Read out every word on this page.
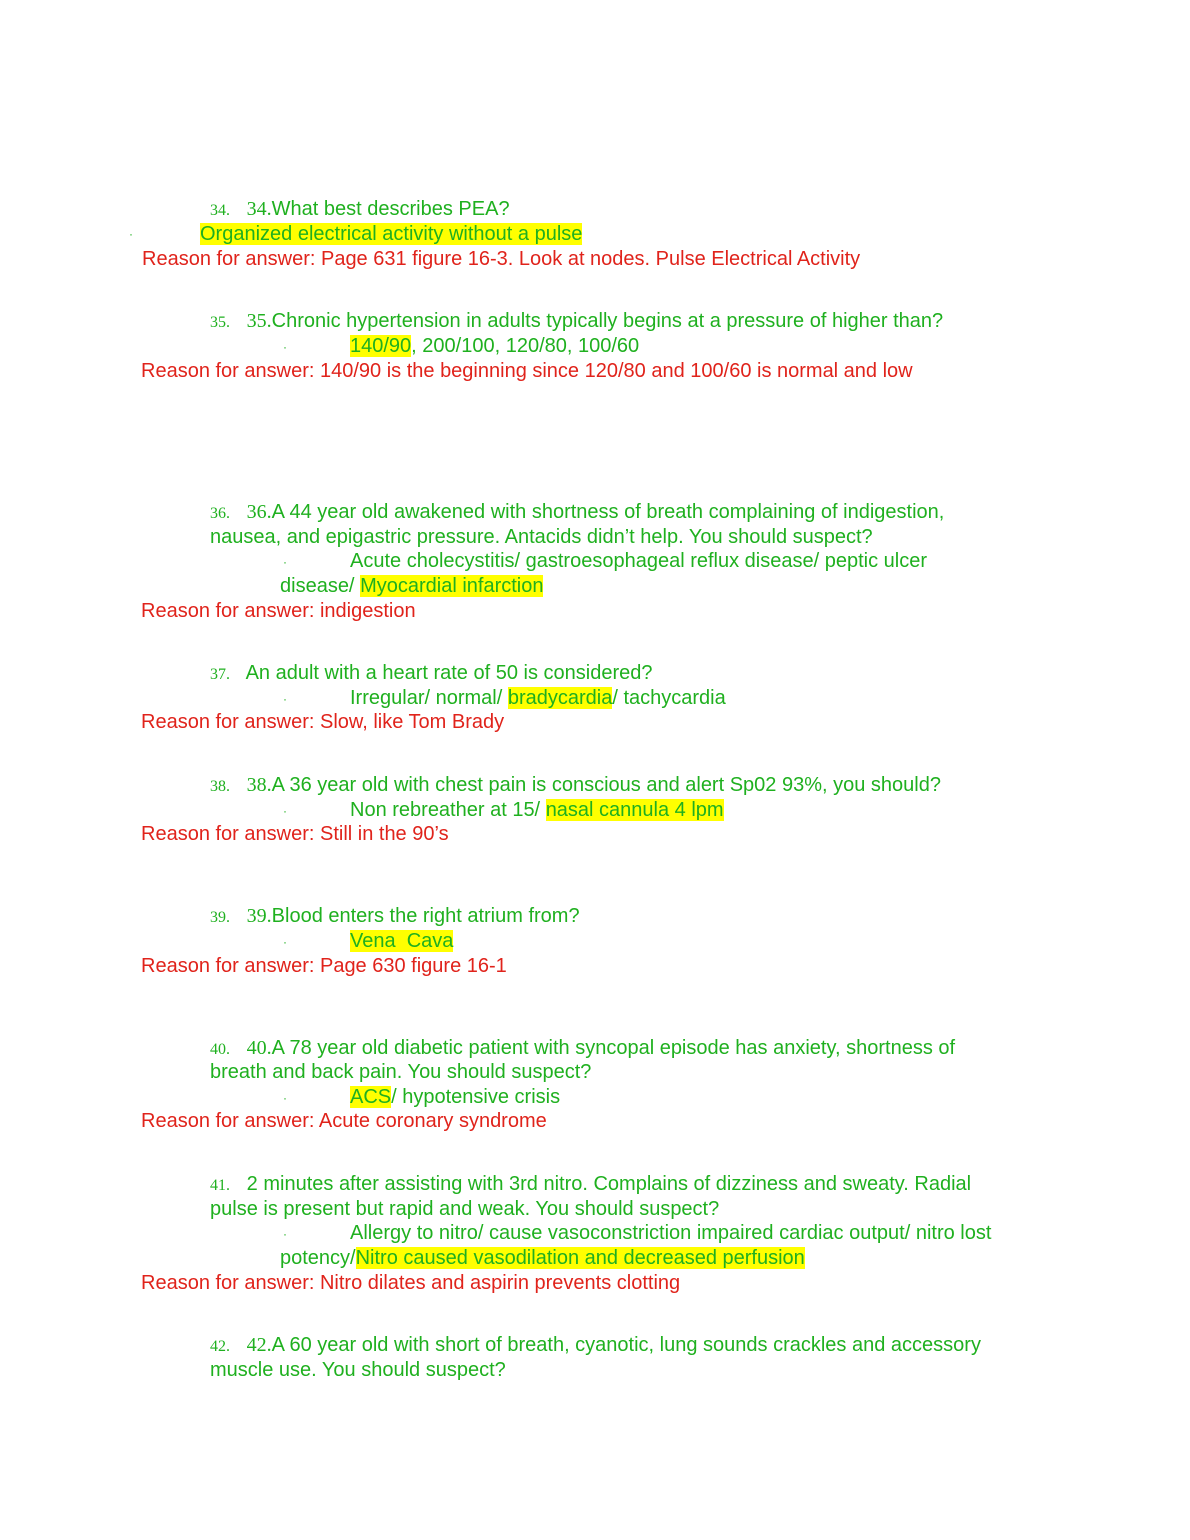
34. 34.What best describes PEA?
·	Organized electrical activity without a pulse
Reason for answer: Page 631 figure 16-3. Look at nodes. Pulse Electrical Activity
35. 35.Chronic hypertension in adults typically begins at a pressure of higher than?
·	140/90, 200/100, 120/80, 100/60
Reason for answer: 140/90 is the beginning since 120/80 and 100/60 is normal and low
36. 36.A 44 year old awakened with shortness of breath complaining of indigestion,
nausea, and epigastric pressure. Antacids didn’t help. You should suspect?
·	Acute cholecystitis/ gastroesophageal reflux disease/ peptic ulcer
disease/ Myocardial infarction
Reason for answer: indigestion
37. An adult with a heart rate of 50 is considered?
·	Irregular/ normal/ bradycardia/ tachycardia
Reason for answer: Slow, like Tom Brady
38. 38.A 36 year old with chest pain is conscious and alert Sp02 93%, you should?
·	Non rebreather at 15/ nasal cannula 4 lpm
Reason for answer: Still in the 90’s
39. 39.Blood enters the right atrium from?
·	Vena  Cava
Reason for answer: Page 630 figure 16-1
40. 40.A 78 year old diabetic patient with syncopal episode has anxiety, shortness of
breath and back pain. You should suspect?
·	ACS/ hypotensive crisis
Reason for answer: Acute coronary syndrome
41. 2 minutes after assisting with 3rd nitro. Complains of dizziness and sweaty. Radial
pulse is present but rapid and weak. You should suspect?
·	Allergy to nitro/ cause vasoconstriction impaired cardiac output/ nitro lost
potency/Nitro caused vasodilation and decreased perfusion
Reason for answer: Nitro dilates and aspirin prevents clotting
42. 42.A 60 year old with short of breath, cyanotic, lung sounds crackles and accessory
muscle use. You should suspect?
